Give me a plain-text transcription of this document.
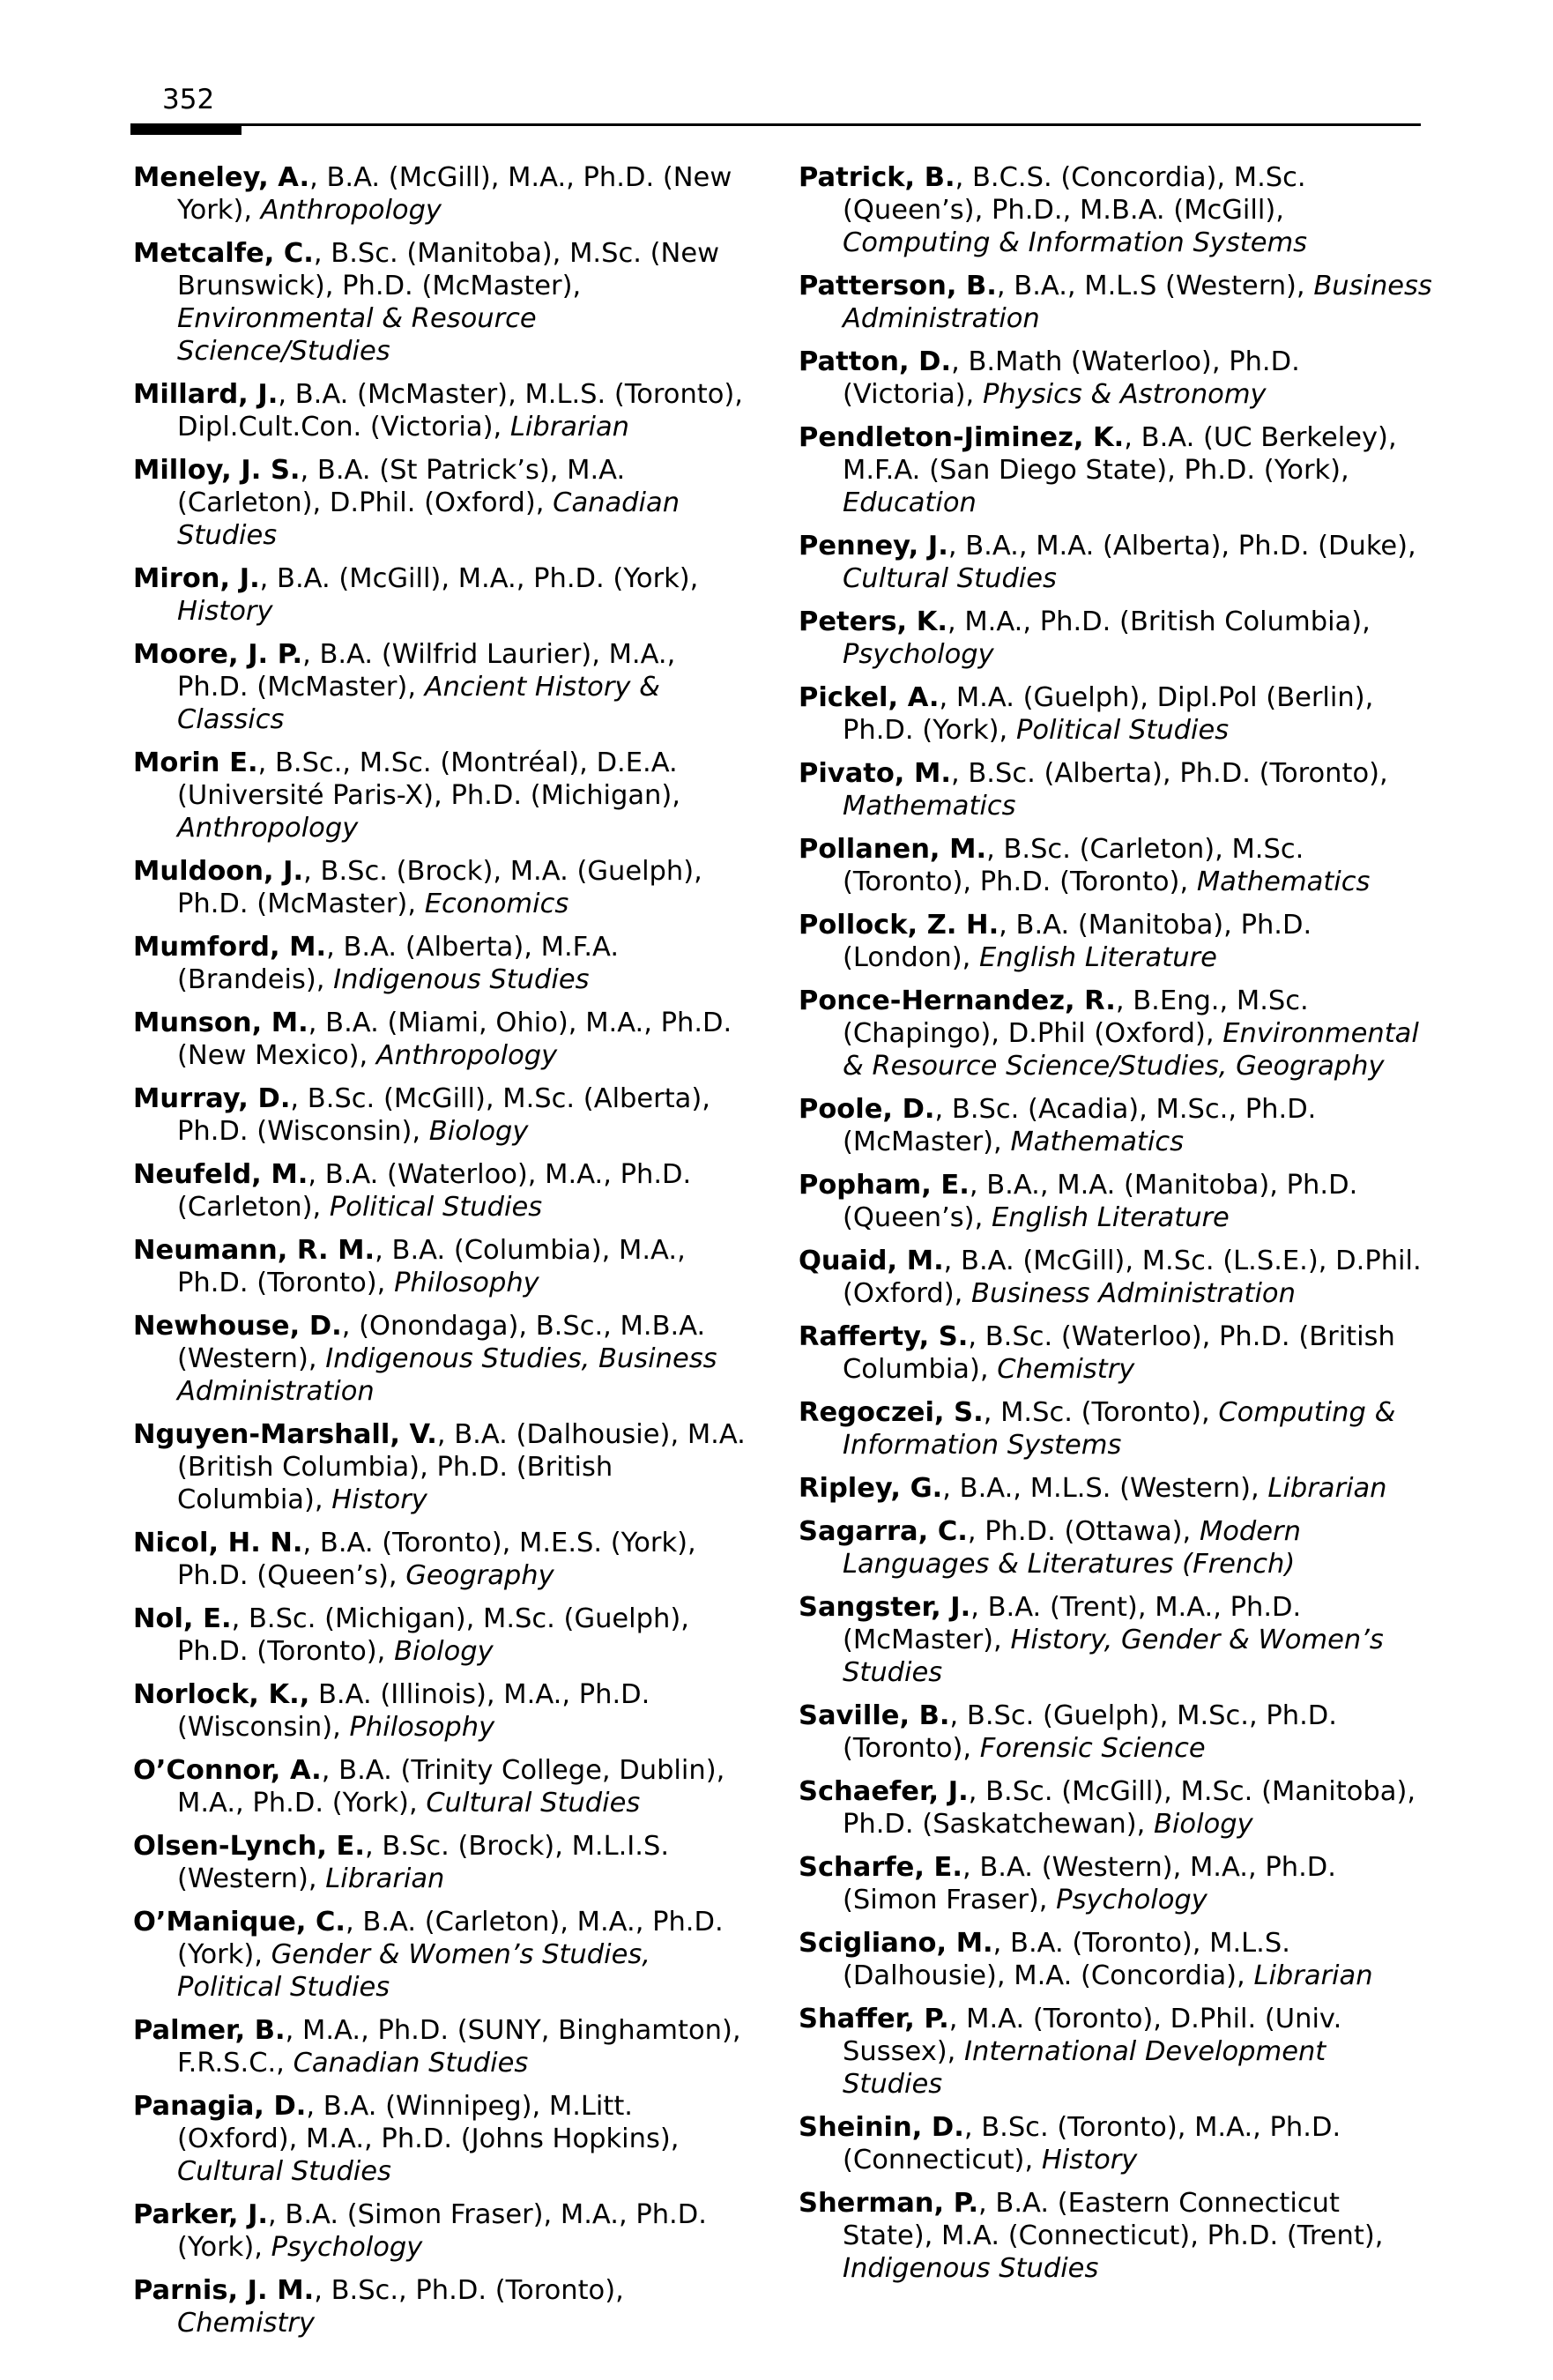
352
Meneley, A., B.A. (McGill), M.A., Ph.D. (New York), Anthropology
Metcalfe, C., B.Sc. (Manitoba), M.Sc. (New Brunswick), Ph.D. (McMaster), Environmental & Resource Science/Studies
Millard, J., B.A. (McMaster), M.L.S. (Toronto), Dipl.Cult.Con. (Victoria), Librarian
Milloy, J. S., B.A. (St Patrick’s), M.A. (Carleton), D.Phil. (Oxford), Canadian Studies
Miron, J., B.A. (McGill), M.A., Ph.D. (York), History
Moore, J. P., B.A. (Wilfrid Laurier), M.A., Ph.D. (McMaster), Ancient History & Classics
Morin E., B.Sc., M.Sc. (Montréal), D.E.A. (Université Paris-X), Ph.D. (Michigan), Anthropology
Muldoon, J., B.Sc. (Brock), M.A. (Guelph), Ph.D. (McMaster), Economics
Mumford, M., B.A. (Alberta), M.F.A. (Brandeis), Indigenous Studies
Munson, M., B.A. (Miami, Ohio), M.A., Ph.D. (New Mexico), Anthropology
Murray, D., B.Sc. (McGill), M.Sc. (Alberta), Ph.D. (Wisconsin), Biology
Neufeld, M., B.A. (Waterloo), M.A., Ph.D. (Carleton), Political Studies
Neumann, R. M., B.A. (Columbia), M.A., Ph.D. (Toronto), Philosophy
Newhouse, D., (Onondaga), B.Sc., M.B.A. (Western), Indigenous Studies, Business Administration
Nguyen-Marshall, V., B.A. (Dalhousie), M.A. (British Columbia), Ph.D. (British Columbia), History
Nicol, H. N., B.A. (Toronto), M.E.S. (York), Ph.D. (Queen’s), Geography
Nol, E., B.Sc. (Michigan), M.Sc. (Guelph), Ph.D. (Toronto), Biology
Norlock, K., B.A. (Illinois), M.A., Ph.D. (Wisconsin), Philosophy
O’Connor, A., B.A. (Trinity College, Dublin), M.A., Ph.D. (York), Cultural Studies
Olsen-Lynch, E., B.Sc. (Brock), M.L.I.S. (Western), Librarian
O’Manique, C., B.A. (Carleton), M.A., Ph.D. (York), Gender & Women’s Studies, Political Studies
Palmer, B., M.A., Ph.D. (SUNY, Binghamton), F.R.S.C., Canadian Studies
Panagia, D., B.A. (Winnipeg), M.Litt. (Oxford), M.A., Ph.D. (Johns Hopkins), Cultural Studies
Parker, J., B.A. (Simon Fraser), M.A., Ph.D. (York), Psychology
Parnis, J. M., B.Sc., Ph.D. (Toronto), Chemistry
Patrick, B., B.C.S. (Concordia), M.Sc. (Queen’s), Ph.D., M.B.A. (McGill), Computing & Information Systems
Patterson, B., B.A., M.L.S (Western), Business Administration
Patton, D., B.Math (Waterloo), Ph.D. (Victoria), Physics & Astronomy
Pendleton-Jiminez, K., B.A. (UC Berkeley), M.F.A. (San Diego State), Ph.D. (York), Education
Penney, J., B.A., M.A. (Alberta), Ph.D. (Duke), Cultural Studies
Peters, K., M.A., Ph.D. (British Columbia), Psychology
Pickel, A., M.A. (Guelph), Dipl.Pol (Berlin), Ph.D. (York), Political Studies
Pivato, M., B.Sc. (Alberta), Ph.D. (Toronto), Mathematics
Pollanen, M., B.Sc. (Carleton), M.Sc. (Toronto), Ph.D. (Toronto), Mathematics
Pollock, Z. H., B.A. (Manitoba), Ph.D. (London), English Literature
Ponce-Hernandez, R., B.Eng., M.Sc. (Chapingo), D.Phil (Oxford), Environmental & Resource Science/Studies, Geography
Poole, D., B.Sc. (Acadia), M.Sc., Ph.D. (McMaster), Mathematics
Popham, E., B.A., M.A. (Manitoba), Ph.D. (Queen’s), English Literature
Quaid, M., B.A. (McGill), M.Sc. (L.S.E.), D.Phil. (Oxford), Business Administration
Rafferty, S., B.Sc. (Waterloo), Ph.D. (British Columbia), Chemistry
Regoczei, S., M.Sc. (Toronto), Computing & Information Systems
Ripley, G., B.A., M.L.S. (Western), Librarian
Sagarra, C., Ph.D. (Ottawa), Modern Languages & Literatures (French)
Sangster, J., B.A. (Trent), M.A., Ph.D. (McMaster), History, Gender & Women’s Studies
Saville, B., B.Sc. (Guelph), M.Sc., Ph.D. (Toronto), Forensic Science
Schaefer, J., B.Sc. (McGill), M.Sc. (Manitoba), Ph.D. (Saskatchewan), Biology
Scharfe, E., B.A. (Western), M.A., Ph.D. (Simon Fraser), Psychology
Scigliano, M., B.A. (Toronto), M.L.S. (Dalhousie), M.A. (Concordia), Librarian
Shaffer, P., M.A. (Toronto), D.Phil. (Univ. Sussex), International Development Studies
Sheinin, D., B.Sc. (Toronto), M.A., Ph.D. (Connecticut), History
Sherman, P., B.A. (Eastern Connecticut State), M.A. (Connecticut), Ph.D. (Trent), Indigenous Studies
